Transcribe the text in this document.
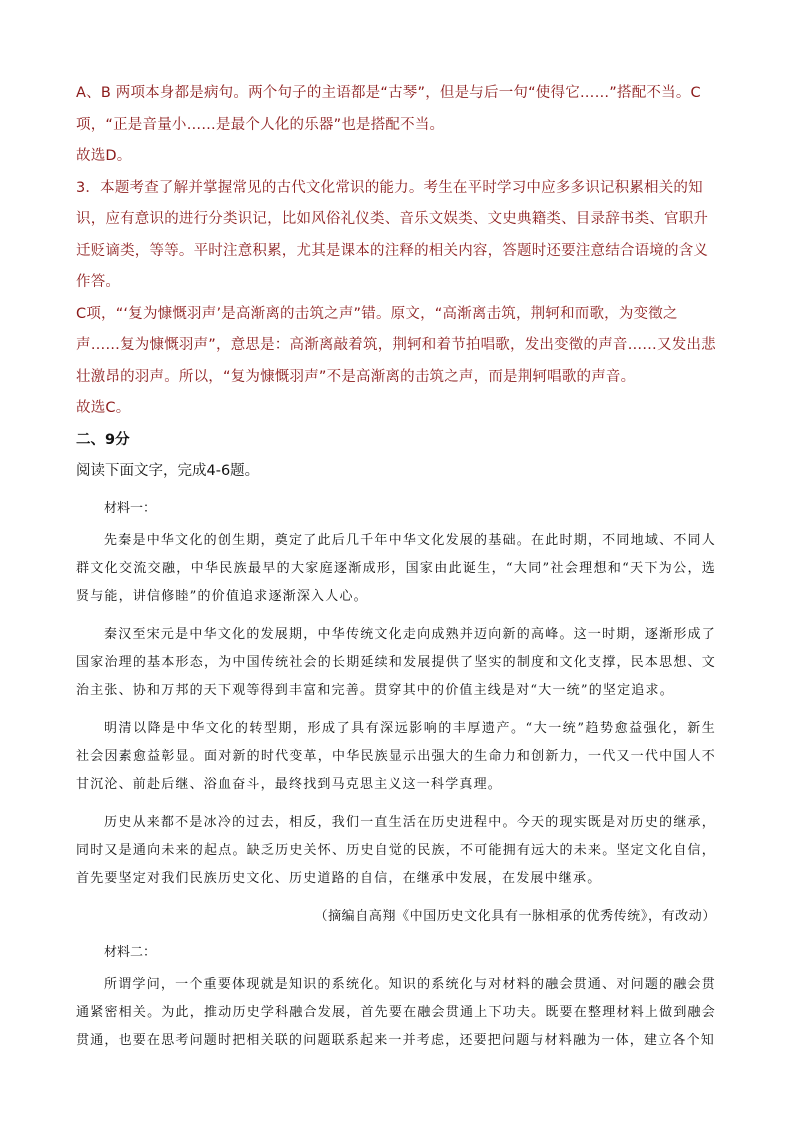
A、B 两项本身都是病句。两个句子的主语都是“古琴”，但是与后一句“使得它……”搭配不当。C项，“正是音量小……是最个人化的乐器”也是搭配不当。

故选D。

3．本题考查了解并掌握常见的古代文化常识的能力。考生在平时学习中应多多识记积累相关的知识，应有意识的进行分类识记，比如风俗礼仪类、音乐文娱类、文史典籍类、目录辞书类、官职升迁贬谪类，等等。平时注意积累，尤其是课本的注释的相关内容，答题时还要注意结合语境的含义作答。

C项，“‘复为慷慨羽声’是高渐离的击筑之声”错。原文，“高渐离击筑，荆轲和而歌，为变徵之声……复为慷慨羽声”，意思是：高渐离敲着筑，荆轲和着节拍唱歌，发出变徵的声音……又发出悲壮激昂的羽声。所以，“复为慷慨羽声”不是高渐离的击筑之声，而是荆轲唱歌的声音。

故选C。

二、9分

阅读下面文字，完成4-6题。

材料一：

先秦是中华文化的创生期，奠定了此后几千年中华文化发展的基础。在此时期，不同地域、不同人群文化交流交融，中华民族最早的大家庭逐渐成形，国家由此诞生，“大同”社会理想和“天下为公，选贤与能，讲信修睦”的价值追求逐渐深入人心。

秦汉至宋元是中华文化的发展期，中华传统文化走向成熟并迈向新的高峰。这一时期，逐渐形成了国家治理的基本形态，为中国传统社会的长期延续和发展提供了坚实的制度和文化支撑，民本思想、文治主张、协和万邦的天下观等得到丰富和完善。贯穿其中的价值主线是对“大一统”的坚定追求。

明清以降是中华文化的转型期，形成了具有深远影响的丰厚遗产。“大一统”趋势愈益强化，新生社会因素愈益彰显。面对新的时代变革，中华民族显示出强大的生命力和创新力，一代又一代中国人不甘沉沦、前赴后继、浴血奋斗，最终找到马克思主义这一科学真理。

历史从来都不是冰冷的过去，相反，我们一直生活在历史进程中。今天的现实既是对历史的继承，同时又是通向未来的起点。缺乏历史关怀、历史自觉的民族，不可能拥有远大的未来。坚定文化自信，首先要坚定对我们民族历史文化、历史道路的自信，在继承中发展，在发展中继承。

（摘编自高翔《中国历史文化具有一脉相承的优秀传统》，有改动）

材料二：

所谓学问，一个重要体现就是知识的系统化。知识的系统化与对材料的融会贯通、对问题的融会贯通紧密相关。为此，推动历史学科融合发展，首先要在融会贯通上下功夫。既要在整理材料上做到融会贯通，也要在思考问题时把相关联的问题联系起来一并考虑，还要把问题与材料融为一体，建立各个知
